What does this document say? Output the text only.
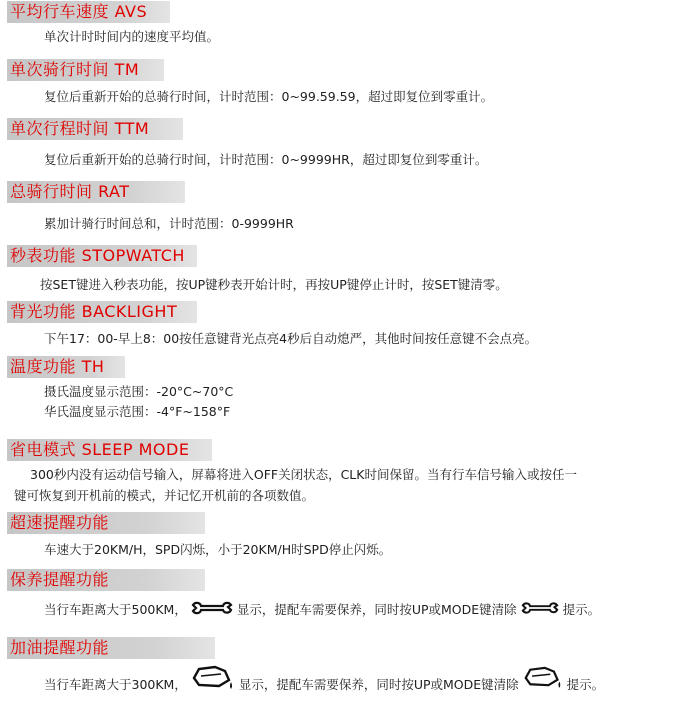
平均行车速度 AVS
单次计时时间内的速度平均值。
单次骑行时间 TM
复位后重新开始的总骑行时间，计时范围：0~99.59.59，超过即复位到零重计。
单次行程时间 TTM
复位后重新开始的总骑行时间，计时范围：0~9999HR，超过即复位到零重计。
总骑行时间 RAT
累加计骑行时间总和，计时范围：0-9999HR
秒表功能 STOPWATCH
按SET键进入秒表功能，按UP键秒表开始计时，再按UP键停止计时，按SET键清零。
背光功能 BACKLIGHT
下午17：00-早上8：00按任意键背光点亮4秒后自动熄严，其他时间按任意键不会点亮。
温度功能 TH
摄氏温度显示范围：-20°C~70°C
华氏温度显示范围：-4°F~158°F
省电模式 SLEEP MODE
300秒内没有运动信号输入，屏幕将进入OFF关闭状态，CLK时间保留。当有行车信号输入或按任一
键可恢复到开机前的模式，并记忆开机前的各项数值。
超速提醒功能
车速大于20KM/H，SPD闪烁，小于20KM/H时SPD停止闪烁。
保养提醒功能
当行车距离大于500KM，	显示，提配车需要保养，同时按UP或MODE键清除	提示。
加油提醒功能
当行车距离大于300KM，	显示，提配车需要保养，同时按UP或MODE键清除	提示。
